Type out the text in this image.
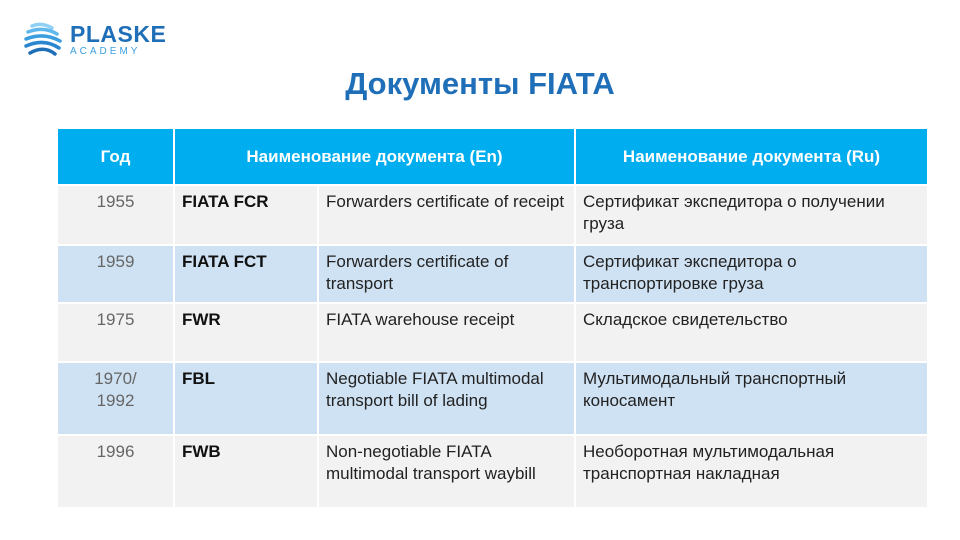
PLASKE
ACADEMY
Документы FIATA
Год	Наименование документа (En)		Наименование документа (Ru)
1955	FIATA FCR	Forwarders certificate of receipt	Сертификат экспедитора о получении груза
1959	FIATA FCT	Forwarders certificate of transport	Сертификат экспедитора о транспортировке груза
1975	FWR	FIATA warehouse receipt	Складское свидетельство
1970/ 1992	FBL	Negotiable FIATA multimodal transport bill of lading	Мультимодальный транспортный коносамент
1996	FWB	Non-negotiable FIATA multimodal transport waybill	Необоротная мультимодальная транспортная накладная
